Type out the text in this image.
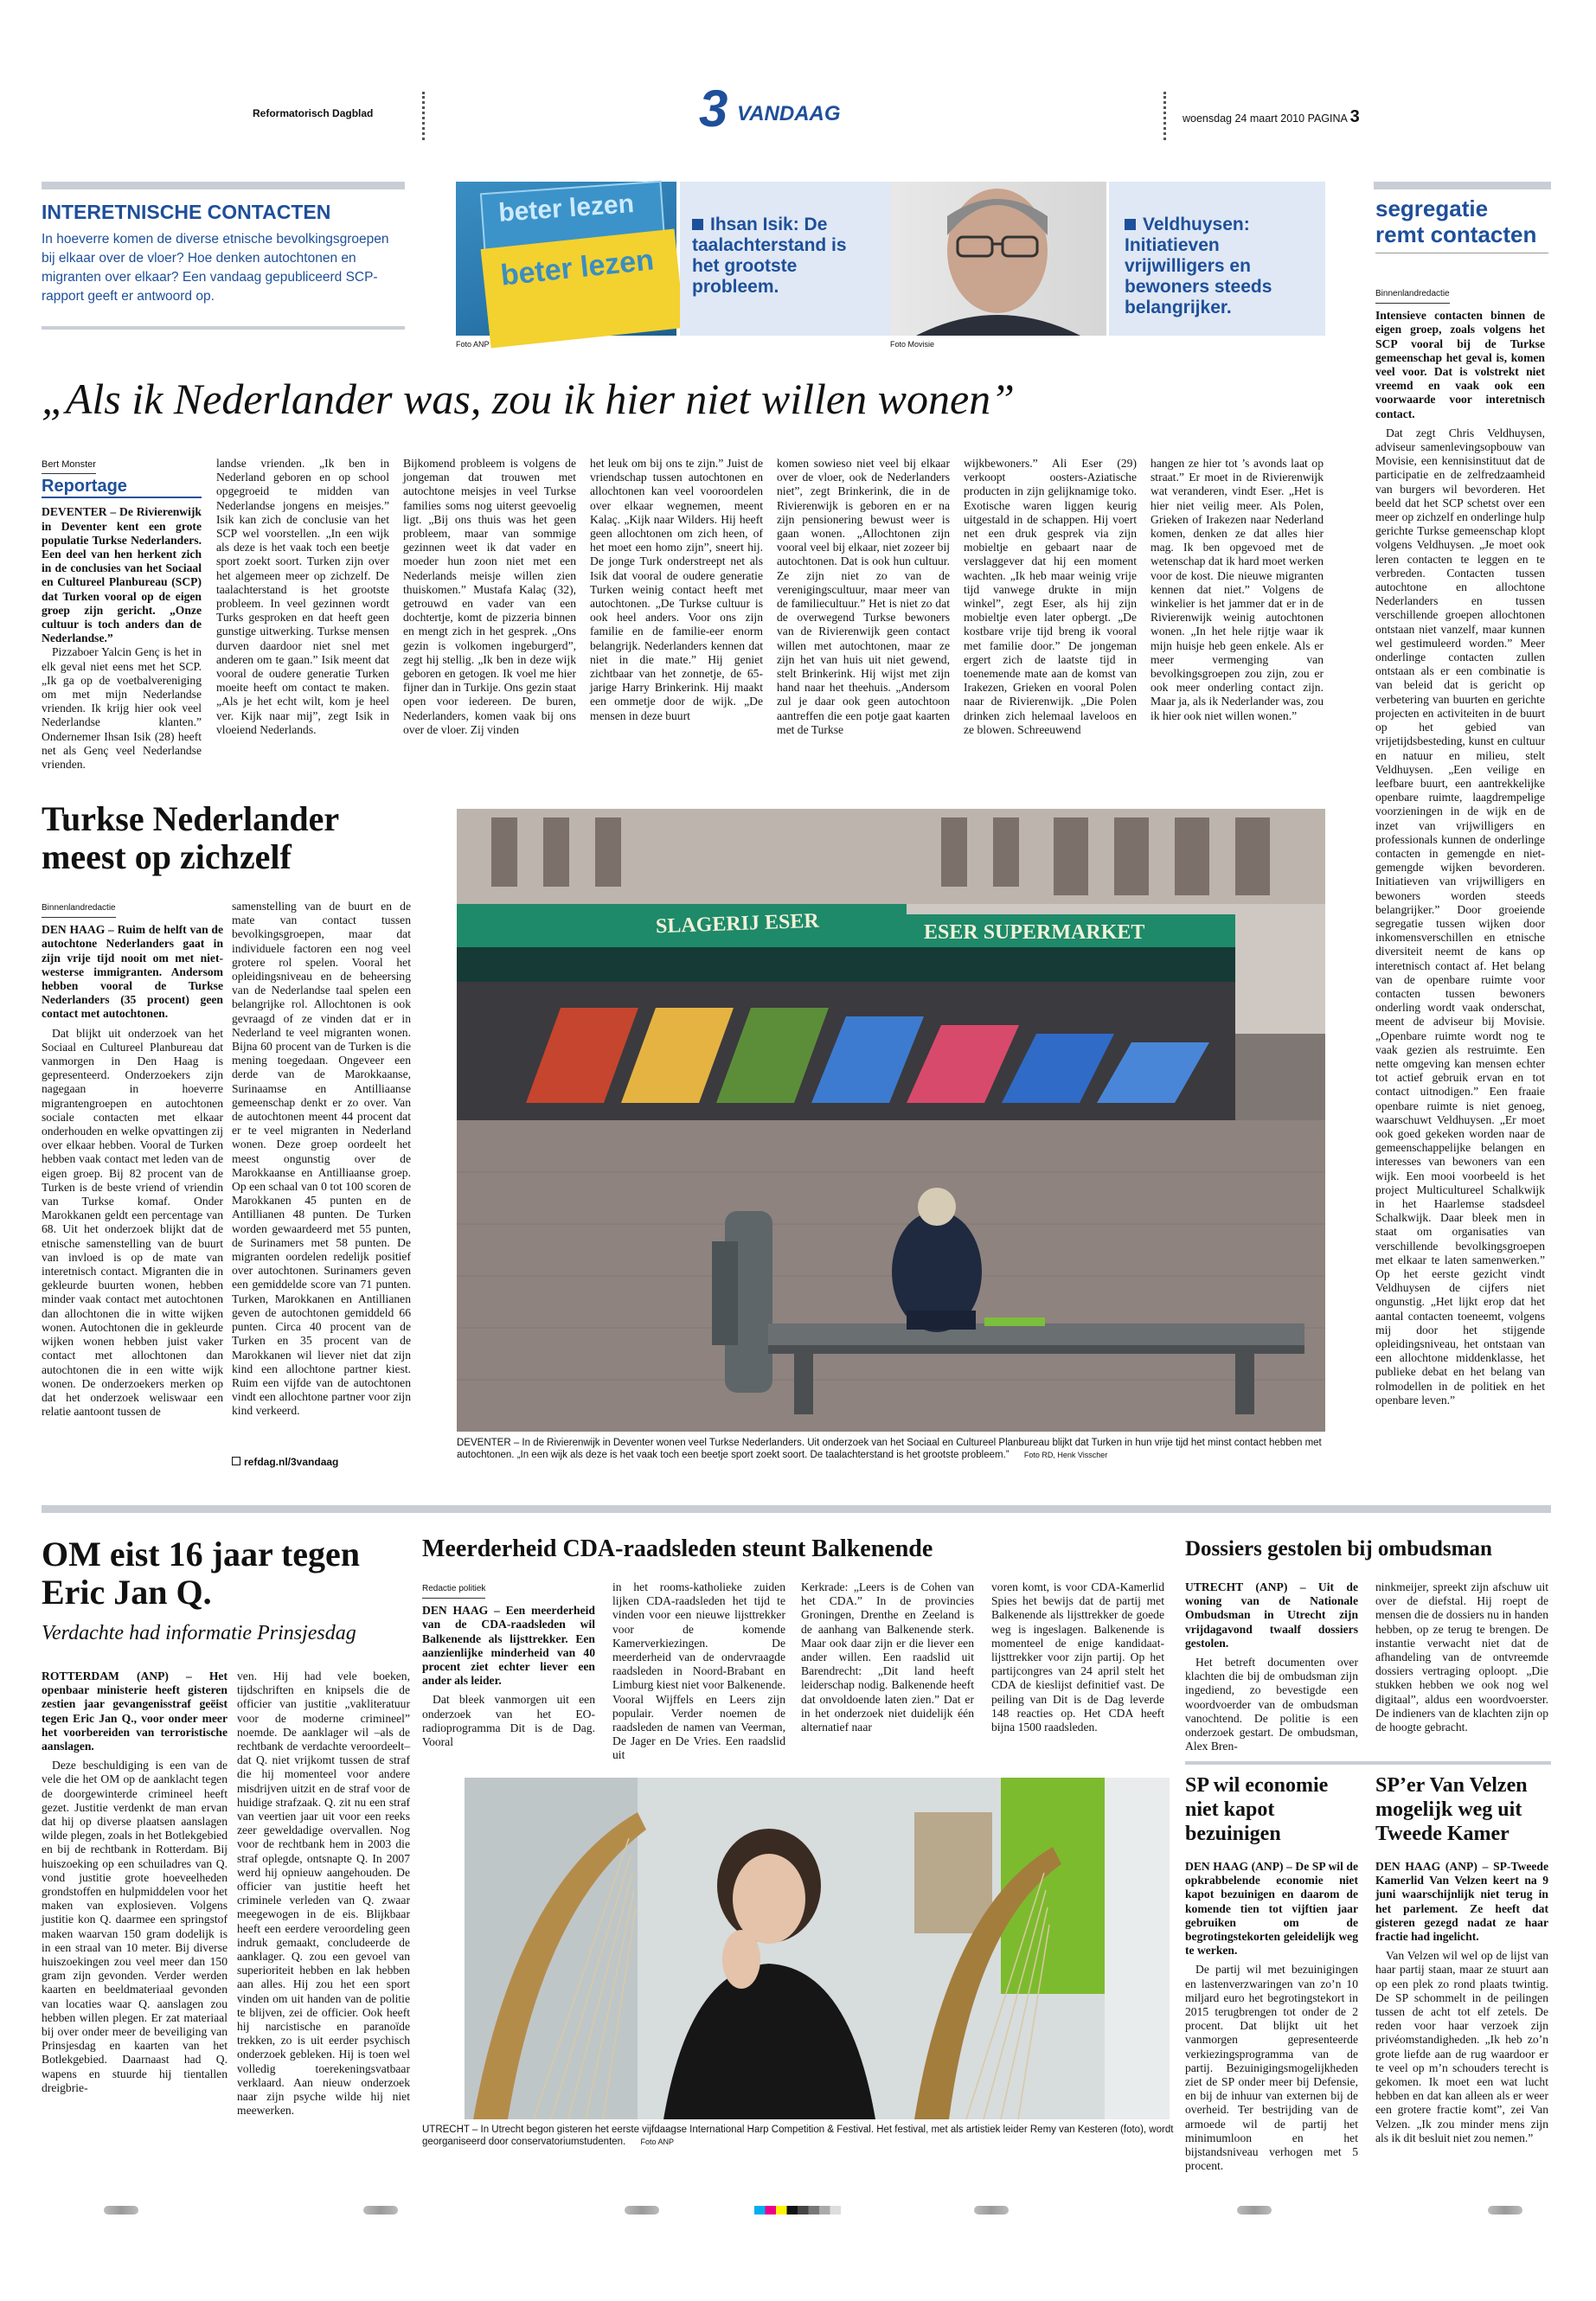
Reformatorisch Dagblad	3 VANDAAG	woensdag 24 maart 2010 PAGINA 3
INTERETNISCHE CONTACTEN
In hoeverre komen de diverse etnische bevolkingsgroepen bij elkaar over de vloer? Hoe denken autochtonen en migranten over elkaar? Een vandaag gepubliceerd SCP-rapport geeft er antwoord op.
beter lezen
beter lezen
Foto ANP
Ihsan Isik: De taalachterstand is het grootste probleem.
Foto Movisie
Veldhuysen: Initiatieven vrijwilligers en bewoners steeds belangrijker.
„Als ik Nederlander was, zou ik hier niet willen wonen”
Bert Monster
Reportage

DEVENTER – De Rivierenwijk in Deventer kent een grote populatie Turkse Nederlanders. Een deel van hen herkent zich in de conclusies van het Sociaal en Cultureel Planbureau (SCP) dat Turken vooral op de eigen groep zijn gericht. „Onze cultuur is toch anders dan de Nederlandse.”

Pizzaboer Yalcin Genç is het in elk geval niet eens met het SCP. „Ik ga op de voetbalvereniging om met mijn Nederlandse vrienden. Ik krijg hier ook veel Nederlandse klanten.” Ondernemer Ihsan Isik (28) heeft net als Genç veel Nederlandse vrienden.

landse vrienden. „Ik ben in Nederland geboren en op school opgegroeid te midden van Nederlandse jongens en meisjes.” Isik kan zich de conclusie van het SCP wel voorstellen. „In een wijk als deze is het vaak toch een beetje sport zoekt soort. Turken zijn over het algemeen meer op zichzelf. De taalachterstand is het grootste probleem. In veel gezinnen wordt Turks gesproken en dat heeft geen gunstige uitwerking. Turkse mensen durven daardoor niet snel met anderen om te gaan.” Isik meent dat vooral de oudere generatie Turken moeite heeft om contact te maken. „Als je het echt wilt, kom je heel ver. Kijk naar mij”, zegt Isik in vloeiend Nederlands.

Bijkomend probleem is volgens de jongeman dat trouwen met autochtone meisjes in veel Turkse families soms nog uiterst geevoelig ligt. „Bij ons thuis was het geen probleem, maar van sommige gezinnen weet ik dat vader en moeder hun zoon niet met een Nederlands meisje willen zien thuiskomen.” Mustafa Kalaç (32), getrouwd en vader van een dochtertje, komt de pizzeria binnen en mengt zich in het gesprek. „Ons gezin is volkomen ingeburgerd”, zegt hij stellig. „Ik ben in deze wijk geboren en getogen. Ik voel me hier fijner dan in Turkije. Ons gezin staat open voor iedereen. De buren, Nederlanders, komen vaak bij ons over de vloer. Zij vinden

het leuk om bij ons te zijn.” Juist de vriendschap tussen autochtonen en allochtonen kan veel vooroordelen over elkaar wegnemen, meent Kalaç. „Kijk naar Wilders. Hij heeft geen allochtonen om zich heen, of het moet een homo zijn”, sneert hij. De jonge Turk onderstreept net als Isik dat vooral de oudere generatie Turken weinig contact heeft met autochtonen. „De Turkse cultuur is ook heel anders. Voor ons zijn familie en de familie-eer enorm belangrijk. Nederlanders kennen dat niet in die mate.” Hij geniet zichtbaar van het zonnetje, de 65-jarige Harry Brinkerink. Hij maakt een ommetje door de wijk. „De mensen in deze buurt

komen sowieso niet veel bij elkaar over de vloer, ook de Nederlanders niet”, zegt Brinkerink, die in de Rivierenwijk is geboren en er na zijn pensionering bewust weer is gaan wonen. „Allochtonen zijn vooral veel bij elkaar, niet zozeer bij autochtonen. Dat is ook hun cultuur. Ze zijn niet zo van de verenigingscultuur, maar meer van de familiecultuur.” Het is niet zo dat de overwegend Turkse bewoners van de Rivierenwijk geen contact willen met autochtonen, maar ze zijn het van huis uit niet gewend, stelt Brinkerink. Hij wijst met zijn hand naar het theehuis. „Andersom zul je daar ook geen autochtoon aantreffen die een potje gaat kaarten met de Turkse

wijkbewoners.” Ali Eser (29) verkoopt oosters-Aziatische producten in zijn gelijknamige toko. Exotische waren liggen keurig uitgestald in de schappen. Hij voert net een druk gesprek via zijn mobieltje en gebaart naar de verslaggever dat hij een moment wachten. „Ik heb maar weinig vrije tijd vanwege drukte in mijn winkel”, zegt Eser, als hij zijn mobieltje even later opbergt. „De kostbare vrije tijd breng ik vooral met familie door.” De jongeman ergert zich de laatste tijd in toenemende mate aan de komst van Irakezen, Grieken en vooral Polen naar de Rivierenwijk. „Die Polen drinken zich helemaal laveloos en ze blowen. Schreeuwend

hangen ze hier tot ’s avonds laat op straat.” Er moet in de Rivierenwijk wat veranderen, vindt Eser. „Het is hier niet veilig meer. Als Polen, Grieken of Irakezen naar Nederland komen, denken ze dat alles hier mag. Ik ben opgevoed met de wetenschap dat ik hard moet werken voor de kost. Die nieuwe migranten kennen dat niet.” Volgens de winkelier is het jammer dat er in de Rivierenwijk weinig autochtonen wonen. „In het hele rijtje waar ik mijn huisje heb geen enkele. Als er meer vermenging van bevolkingsgroepen zou zijn, zou er ook meer onderling contact zijn. Maar ja, als ik Nederlander was, zou ik hier ook niet willen wonen.”

segregatie
remt contacten
Binnenlandredactie

Intensieve contacten binnen de eigen groep, zoals volgens het SCP vooral bij de Turkse gemeenschap het geval is, komen veel voor. Dat is volstrekt niet vreemd en vaak ook een voorwaarde voor interetnisch contact.

Dat zegt Chris Veldhuysen, adviseur samenlevingsopbouw van Movisie, een kennisinstituut dat de participatie en de zelfredzaamheid van burgers wil bevorderen. Het beeld dat het SCP schetst over een meer op zichzelf en onderlinge hulp gerichte Turkse gemeenschap klopt volgens Veldhuysen. „Je moet ook leren contacten te leggen en te verbreden. Contacten tussen autochtone en allochtone Nederlanders en tussen verschillende groepen allochtonen ontstaan niet vanzelf, maar kunnen wel gestimuleerd worden.” Meer onderlinge contacten zullen ontstaan als er een combinatie is van beleid dat is gericht op verbetering van buurten en gerichte projecten en activiteiten in de buurt op het gebied van vrijetijdsbesteding, kunst en cultuur en natuur en milieu, stelt Veldhuysen. „Een veilige en leefbare buurt, een aantrekkelijke openbare ruimte, laagdrempelige voorzieningen in de wijk en de inzet van vrijwilligers en professionals kunnen de onderlinge contacten in gemengde en niet-gemengde wijken bevorderen. Initiatieven van vrijwilligers en bewoners worden steeds belangrijker.” Door groeiende segregatie tussen wijken door inkomensverschillen en etnische diversiteit neemt de kans op interetnisch contact af. Het belang van de openbare ruimte voor contacten tussen bewoners onderling wordt vaak onderschat, meent de adviseur bij Movisie. „Openbare ruimte wordt nog te vaak gezien als restruimte. Een nette omgeving kan mensen echter tot actief gebruik ervan en tot contact uitnodigen.” Een fraaie openbare ruimte is niet genoeg, waarschuwt Veldhuysen. „Er moet ook goed gekeken worden naar de gemeenschappelijke belangen en interesses van bewoners van een wijk. Een mooi voorbeeld is het project Multicultureel Schalkwijk in het Haarlemse stadsdeel Schalkwijk. Daar bleek men in staat om organisaties van verschillende bevolkingsgroepen met elkaar te laten samenwerken.” Op het eerste gezicht vindt Veldhuysen de cijfers niet ongunstig. „Het lijkt erop dat het aantal contacten toeneemt, volgens mij door het stijgende opleidingsniveau, het ontstaan van een allochtone middenklasse, het publieke debat en het belang van rolmodellen in de politiek en het openbare leven.”

Turkse Nederlander meest op zichzelf
Binnenlandredactie

DEN HAAG – Ruim de helft van de autochtone Nederlanders gaat in zijn vrije tijd nooit om met niet-westerse immigranten. Andersom hebben vooral de Turkse Nederlanders (35 procent) geen contact met autochtonen.

Dat blijkt uit onderzoek van het Sociaal en Cultureel Planbureau dat vanmorgen in Den Haag is gepresenteerd. Onderzoekers zijn nagegaan in hoeverre migrantengroepen en autochtonen sociale contacten met elkaar onderhouden en welke opvattingen zij over elkaar hebben. Vooral de Turken hebben vaak contact met leden van de eigen groep. Bij 82 procent van de Turken is de beste vriend of vriendin van Turkse komaf. Onder Marokkanen geldt een percentage van 68. Uit het onderzoek blijkt dat de etnische samenstelling van de buurt van invloed is op de mate van interetnisch contact. Migranten die in gekleurde buurten wonen, hebben minder vaak contact met autochtonen dan allochtonen die in witte wijken wonen. Autochtonen die in gekleurde wijken wonen hebben juist vaker contact met allochtonen dan autochtonen die in een witte wijk wonen. De onderzoekers merken op dat het onderzoek weliswaar een relatie aantoont tussen de

samenstelling van de buurt en de mate van contact tussen bevolkingsgroepen, maar dat individuele factoren een nog veel grotere rol spelen. Vooral het opleidingsniveau en de beheersing van de Nederlandse taal spelen een belangrijke rol. Allochtonen is ook gevraagd of ze vinden dat er in Nederland te veel migranten wonen. Bijna 60 procent van de Turken is die mening toegedaan. Ongeveer een derde van de Marokkaanse, Surinaamse en Antilliaanse gemeenschap denkt er zo over. Van de autochtonen meent 44 procent dat er te veel migranten in Nederland wonen. Deze groep oordeelt het meest ongunstig over de Marokkaanse en Antilliaanse groep. Op een schaal van 0 tot 100 scoren de Marokkanen 45 punten en de Antillianen 48 punten. De Turken worden gewaardeerd met 55 punten, de Surinamers met 58 punten. De migranten oordelen redelijk positief over autochtonen. Surinamers geven een gemiddelde score van 71 punten. Turken, Marokkanen en Antillianen geven de autochtonen gemiddeld 66 punten. Circa 40 procent van de Turken en 35 procent van de Marokkanen wil liever niet dat zijn kind een allochtone partner kiest. Ruim een vijfde van de autochtonen vindt een allochtone partner voor zijn kind verkeerd.

refdag.nl/3vandaag
SLAGERIJ ESER	ESER SUPERMARKET
DEVENTER – In de Rivierenwijk in Deventer wonen veel Turkse Nederlanders. Uit onderzoek van het Sociaal en Cultureel Planbureau blijkt dat Turken in hun vrije tijd het minst contact hebben met autochtonen. „In een wijk als deze is het vaak toch een beetje sport zoekt soort. De taalachterstand is het grootste probleem.” Foto RD, Henk Visscher
OM eist 16 jaar tegen Eric Jan Q.
Verdachte had informatie Prinsjesdag

ROTTERDAM (ANP) – Het openbaar ministerie heeft gisteren zestien jaar gevangenisstraf geëist tegen Eric Jan Q., voor onder meer het voorbereiden van terroristische aanslagen.

Deze beschuldiging is een van de vele die het OM op de aanklacht tegen de doorgewinterde crimineel heeft gezet. Justitie verdenkt de man ervan dat hij op diverse plaatsen aanslagen wilde plegen, zoals in het Botlekgebied en bij de rechtbank in Rotterdam. Bij huiszoeking op een schuiladres van Q. vond justitie grote hoeveelheden grondstoffen en hulpmiddelen voor het maken van explosieven. Volgens justitie kon Q. daarmee een springstof maken waarvan 150 gram dodelijk is in een straal van 10 meter. Bij diverse huiszoekingen zou veel meer dan 150 gram zijn gevonden. Verder werden kaarten en beeldmateriaal gevonden van locaties waar Q. aanslagen zou hebben willen plegen. Er zat materiaal bij over onder meer de beveiliging van Prinsjesdag en kaarten van het Botlekgebied. Daarnaast had Q. wapens en stuurde hij tientallen dreigbrie-

ven. Hij had vele boeken, tijdschriften en knipsels die de officier van justitie „vakliteratuur voor de moderne crimineel” noemde. De aanklager wil –als de rechtbank de verdachte veroordeelt– dat Q. niet vrijkomt tussen de straf die hij momenteel voor andere misdrijven uitzit en de straf voor de huidige strafzaak. Q. zit nu een straf van veertien jaar uit voor een reeks zeer geweldadige overvallen. Nog voor de rechtbank hem in 2003 die straf oplegde, ontsnapte Q. In 2007 werd hij opnieuw aangehouden. De officier van justitie heeft het criminele verleden van Q. zwaar meegewogen in de eis. Blijkbaar heeft een eerdere veroordeling geen indruk gemaakt, concludeerde de aanklager. Q. zou een gevoel van superioriteit hebben en lak hebben aan alles. Hij zou het een sport vinden om uit handen van de politie te blijven, zei de officier. Ook heeft hij narcistische en paranoïde trekken, zo is uit eerder psychisch onderzoek gebleken. Hij is toen wel volledig toerekeningsvatbaar verklaard. Aan nieuw onderzoek naar zijn psyche wilde hij niet meewerken.

Meerderheid CDA-raadsleden steunt Balkenende
Redactie politiek

DEN HAAG – Een meerderheid van de CDA-raadsleden wil Balkenende als lijsttrekker. Een aanzienlijke minderheid van 40 procent ziet echter liever een ander als leider.

Dat bleek vanmorgen uit een onderzoek van het EO-radioprogramma Dit is de Dag. Vooral

in het rooms-katholieke zuiden lijken CDA-raadsleden het tijd te vinden voor een nieuwe lijsttrekker voor de komende Kamerverkiezingen. De meerderheid van de ondervraagde raadsleden in Noord-Brabant en Limburg kiest niet voor Balkenende. Vooral Wijffels en Leers zijn populair. Verder noemen de raadsleden de namen van Veerman, De Jager en De Vries. Een raadslid uit

Kerkrade: „Leers is de Cohen van het CDA.” In de provincies Groningen, Drenthe en Zeeland is de aanhang van Balkenende sterk. Maar ook daar zijn er die liever een ander willen. Een raadslid uit Barendrecht: „Dit land heeft leiderschap nodig. Balkenende heeft dat onvoldoende laten zien.” Dat er in het onderzoek niet duidelijk één alternatief naar

voren komt, is voor CDA-Kamerlid Spies het bewijs dat de partij met Balkenende als lijsttrekker de goede weg is ingeslagen. Balkenende is momenteel de enige kandidaat-lijsttrekker voor zijn partij. Op het partijcongres van 24 april stelt het CDA de kieslijst definitief vast. De peiling van Dit is de Dag leverde 148 reacties op. Het CDA heeft bijna 1500 raadsleden.

UTRECHT – In Utrecht begon gisteren het eerste vijfdaagse International Harp Competition & Festival. Het festival, met als artistiek leider Remy van Kesteren (foto), wordt georganiseerd door conservatoriumstudenten. Foto ANP
Dossiers gestolen bij ombudsman

UTRECHT (ANP) – Uit de woning van de Nationale Ombudsman in Utrecht zijn vrijdagavond twaalf dossiers gestolen.

Het betreft documenten over klachten die bij de ombudsman zijn ingediend, zo bevestigde een woordvoerder van de ombudsman vanochtend. De politie is een onderzoek gestart. De ombudsman, Alex Bren-

ninkmeijer, spreekt zijn afschuw uit over de diefstal. Hij roept de mensen die de dossiers nu in handen hebben, op ze terug te brengen. De instantie verwacht niet dat de afhandeling van de ontvreemde dossiers vertraging oploopt. „Die stukken hebben we ook nog wel digitaal”, aldus een woordvoerster. De indieners van de klachten zijn op de hoogte gebracht.

SP wil economie niet kapot bezuinigen

DEN HAAG (ANP) – De SP wil de opkrabbelende economie niet kapot bezuinigen en daarom de komende tien tot vijftien jaar gebruiken om de begrotingstekorten geleidelijk weg te werken.

De partij wil met bezuinigingen en lastenverzwaringen van zo’n 10 miljard euro het begrotingstekort in 2015 terugbrengen tot onder de 2 procent. Dat blijkt uit het vanmorgen gepresenteerde verkiezingsprogramma van de partij. Bezuinigingsmogelijkheden ziet de SP onder meer bij Defensie, en bij de inhuur van externen bij de overheid. Ter bestrijding van de armoede wil de partij het minimumloon en het bijstandsniveau verhogen met 5 procent.

SP’er Van Velzen mogelijk weg uit Tweede Kamer

DEN HAAG (ANP) – SP-Tweede Kamerlid Van Velzen keert na 9 juni waarschijnlijk niet terug in het parlement. Ze heeft dat gisteren gezegd nadat ze haar fractie had ingelicht.

Van Velzen wil wel op de lijst van haar partij staan, maar ze stuurt aan op een plek zo rond plaats twintig. De SP schommelt in de peilingen tussen de acht tot elf zetels. De reden voor haar verzoek zijn privéomstandigheden. „Ik heb zo’n grote liefde aan de rug waardoor er te veel op m’n schouders terecht is gekomen. Ik moet een wat lucht hebben en dat kan alleen als er weer een grotere fractie komt”, zei Van Velzen. „Ik zou minder mens zijn als ik dit besluit niet zou nemen.”
